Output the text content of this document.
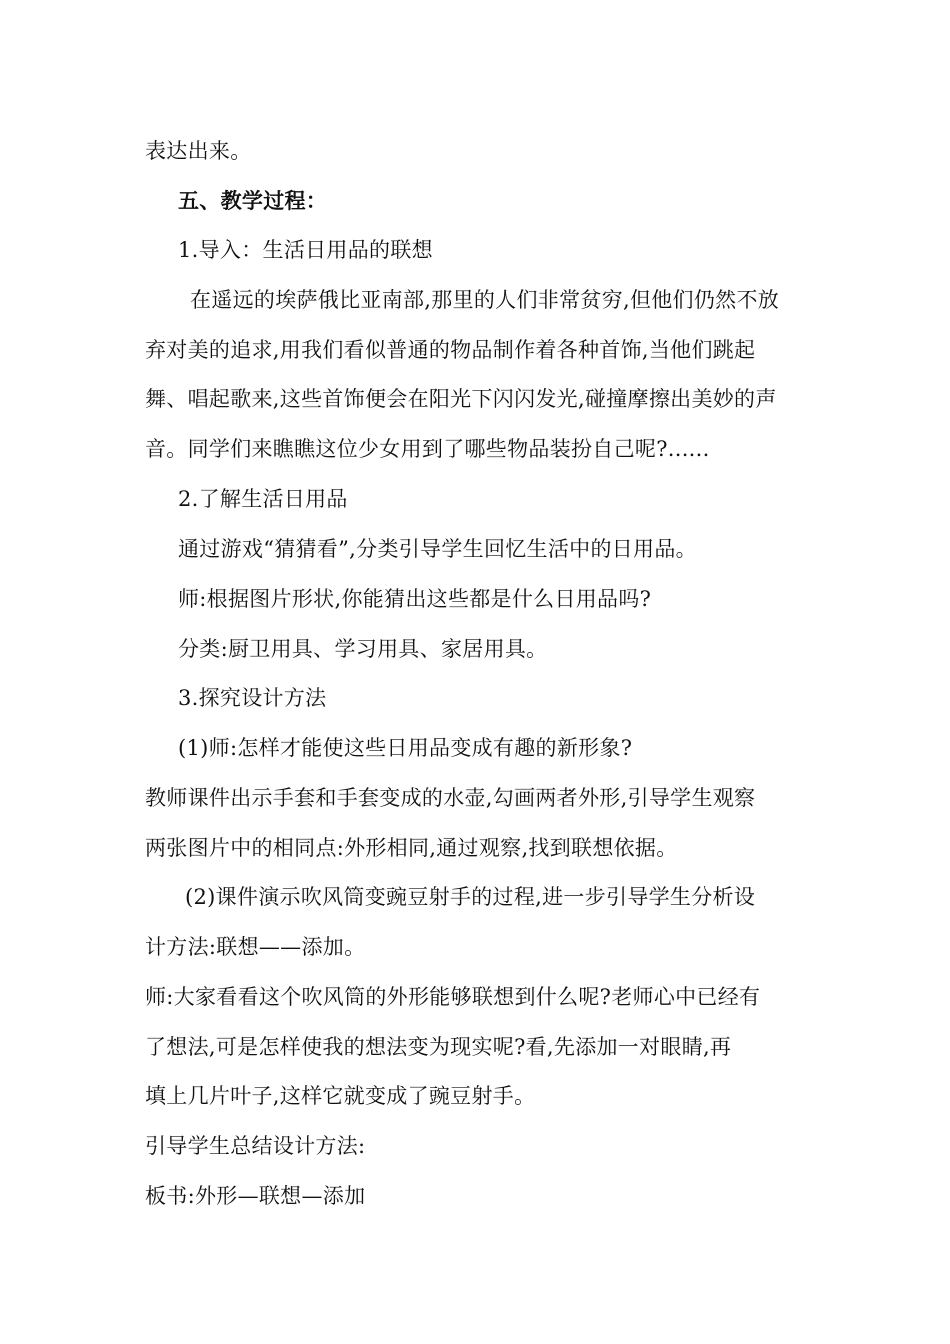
表达出来。
五、教学过程：
1.导入：生活日用品的联想
在遥远的埃萨俄比亚南部,那里的人们非常贫穷,但他们仍然不放
弃对美的追求,用我们看似普通的物品制作着各种首饰,当他们跳起
舞、唱起歌来,这些首饰便会在阳光下闪闪发光,碰撞摩擦出美妙的声
音。同学们来瞧瞧这位少女用到了哪些物品装扮自己呢?......
2.了解生活日用品
通过游戏“猜猜看”,分类引导学生回忆生活中的日用品。
师:根据图片形状,你能猜出这些都是什么日用品吗?
分类:厨卫用具、学习用具、家居用具。
3.探究设计方法
(1)师:怎样才能使这些日用品变成有趣的新形象?
教师课件出示手套和手套变成的水壶,勾画两者外形,引导学生观察
两张图片中的相同点:外形相同,通过观察,找到联想依据。
(2)课件演示吹风筒变豌豆射手的过程,进一步引导学生分析设
计方法:联想——添加。
师:大家看看这个吹风筒的外形能够联想到什么呢?老师心中已经有
了想法,可是怎样使我的想法变为现实呢?看,先添加一对眼睛,再
填上几片叶子,这样它就变成了豌豆射手。
引导学生总结设计方法:
板书:外形—联想—添加
